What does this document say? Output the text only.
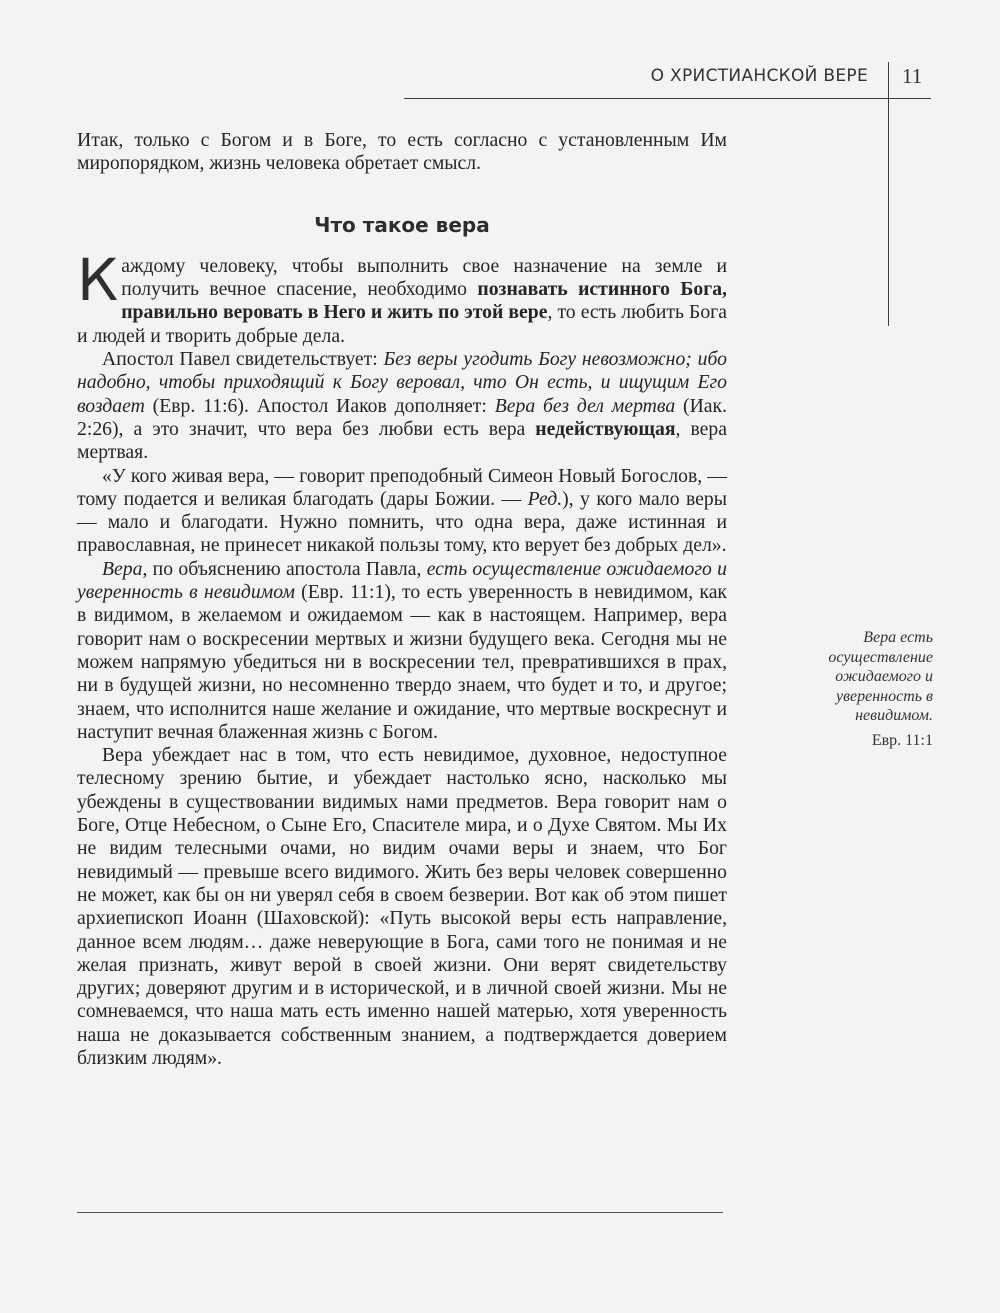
О ХРИСТИАНСКОЙ ВЕРЕ 11

Итак, только с Богом и в Боге, то есть согласно с установленным Им миропорядком, жизнь человека обретает смысл.

Что такое вера

Каждому человеку, чтобы выполнить свое назначение на земле и получить вечное спасение, необходимо познавать истинного Бога, правильно веровать в Него и жить по этой вере, то есть любить Бога и людей и творить добрые дела.

Апостол Павел свидетельствует: Без веры угодить Богу невозможно; ибо надобно, чтобы приходящий к Богу веровал, что Он есть, и ищущим Его воздает (Евр. 11:6). Апостол Иаков дополняет: Вера без дел мертва (Иак. 2:26), а это значит, что вера без любви есть вера недействующая, вера мертвая.

«У кого живая вера, — говорит преподобный Симеон Новый Богослов, — тому подается и великая благодать (дары Божии. — Ред.), у кого мало веры — мало и благодати. Нужно помнить, что одна вера, даже истинная и православная, не принесет никакой пользы тому, кто верует без добрых дел».

Вера, по объяснению апостола Павла, есть осуществление ожидаемого и уверенность в невидимом (Евр. 11:1), то есть уверенность в невидимом, как в видимом, в желаемом и ожидаемом — как в настоящем. Например, вера говорит нам о воскресении мертвых и жизни будущего века. Сегодня мы не можем напрямую убедиться ни в воскресении тел, превратившихся в прах, ни в будущей жизни, но несомненно твердо знаем, что будет и то, и другое; знаем, что исполнится наше желание и ожидание, что мертвые воскреснут и наступит вечная блаженная жизнь с Богом.

Вера убеждает нас в том, что есть невидимое, духовное, недоступное телесному зрению бытие, и убеждает настолько ясно, насколько мы убеждены в существовании видимых нами предметов. Вера говорит нам о Боге, Отце Небесном, о Сыне Его, Спасителе мира, и о Духе Святом. Мы Их не видим телесными очами, но видим очами веры и знаем, что Бог невидимый — превыше всего видимого. Жить без веры человек совершенно не может, как бы он ни уверял себя в своем безверии. Вот как об этом пишет архиепископ Иоанн (Шаховской): «Путь высокой веры есть направление, данное всем людям… даже неверующие в Бога, сами того не понимая и не желая признать, живут верой в своей жизни. Они верят свидетельству других; доверяют другим и в исторической, и в личной своей жизни. Мы не сомневаемся, что наша мать есть именно нашей матерью, хотя уверенность наша не доказывается собственным знанием, а подтверждается доверием близким людям».

Вера есть осуществление ожидаемого и уверенность в невидимом.
Евр. 11:1
